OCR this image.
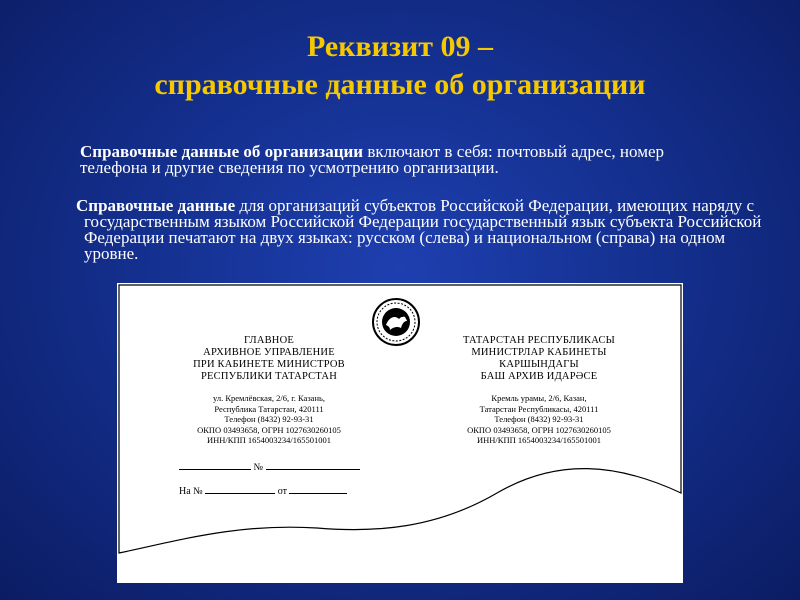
Реквизит 09 –
справочные данные об организации
Справочные данные об организации включают в себя: почтовый адрес, номер телефона и другие сведения по усмотрению организации.
Справочные данные для организаций субъектов Российской Федерации, имеющих наряду с государственным языком Российской Федерации государственный язык субъекта Российской Федерации печатают на двух языках: русском (слева) и национальном (справа) на одном уровне.
ГЛАВНОЕ
АРХИВНОЕ УПРАВЛЕНИЕ
ПРИ КАБИНЕТЕ МИНИСТРОВ
РЕСПУБЛИКИ ТАТАРСТАН
ул. Кремлёвская, 2/6, г. Казань,
Республика Татарстан, 420111
Телефон (8432) 92-93-31
ОКПО 03493658, ОГРН 1027630260105
ИНН/КПП 1654003234/165501001
ТАТАРСТАН РЕСПУБЛИКАСЫ
МИНИСТРЛАР КАБИНЕТЫ
КАРШЫНДАГЫ
БАШ АРХИВ ИДАРӘСЕ
Кремль урамы, 2/6, Казан,
Татарстан Республикасы, 420111
Телефон (8432) 92-93-31
ОКПО 03493658, ОГРН 1027630260105
ИНН/КПП 1654003234/165501001
№
На №	от
